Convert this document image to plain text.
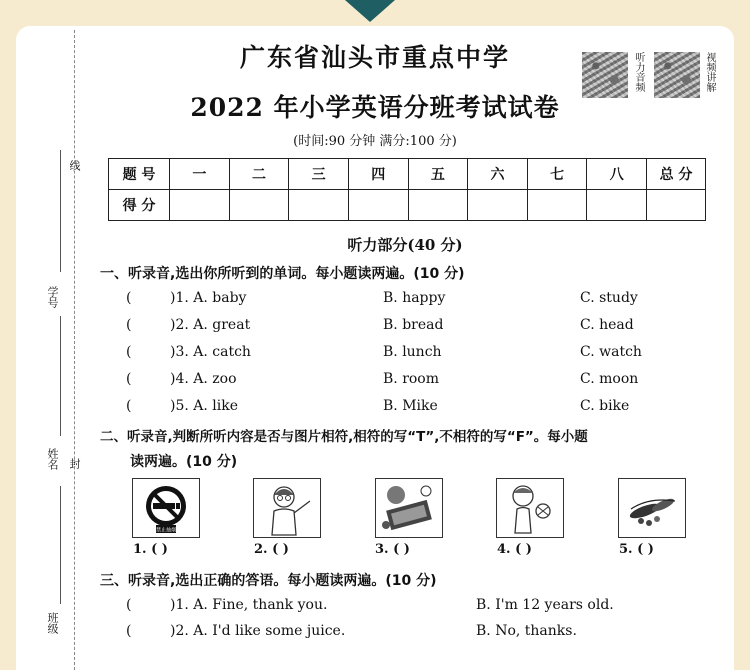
线
封
学号
姓名
班级
广东省汕头市重点中学
2022 年小学英语分班考试试卷
(时间:90 分钟 满分:100 分)
听力音频	视频讲解
题 号	一	二	三	四	五	六	七	八	总 分
得 分									
听力部分(40 分)
一、听录音,选出你所听到的单词。每小题读两遍。(10 分)
(	)1. A. baby	B. happy	C. study
(	)2. A. great	B. bread	C. head
(	)3. A. catch	B. lunch	C. watch
(	)4. A. zoo	B. room	C. moon
(	)5. A. like	B. Mike	C. bike
二、听录音,判断所听内容是否与图片相符,相符的写“T”,不相符的写“F”。每小题
读两遍。(10 分)
禁止抽烟
1. ( )	2. ( )	3. ( )	4. ( )	5. ( )
三、听录音,选出正确的答语。每小题读两遍。(10 分)
(	)1. A. Fine, thank you.	B. I'm 12 years old.
(	)2. A. I'd like some juice.	B. No, thanks.
